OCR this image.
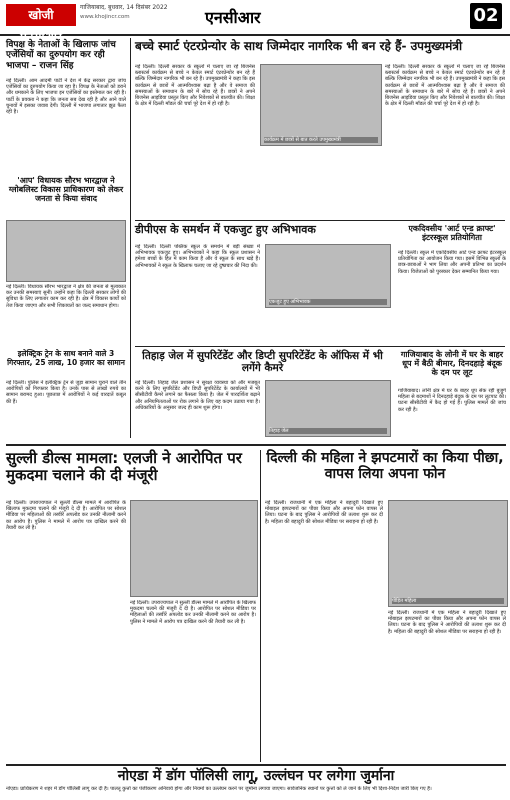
खोजी एनसीआर
गाजियाबाद, बुधवार, 14 दिसंबर 2022
www.khojincr.com	एनसीआर	02
विपक्ष के नेताओं के खिलाफ जांच एजेंसियों का दुरुपयोग कर रही भाजपा – राजन सिंह
नई दिल्ली। आम आदमी पार्टी ने देश में केंद्र सरकार द्वारा जांच एजेंसियों का दुरुपयोग किया जा रहा है। विपक्ष के नेताओं को डराने और धमकाने के लिए भाजपा इन एजेंसियों का इस्तेमाल कर रही है। पार्टी के प्रवक्ता ने कहा कि जनता सब देख रही है और आने वाले चुनावों में इसका जवाब देगी। दिल्ली में भाजपा लगातार झूठ फैला रही है।
'आप' विधायक सौरभ भारद्वाज ने ग्लोबलिस्ट विकास प्राधिकारण को लेकर जनता से किया संवाद
नई दिल्ली। विधायक सौरभ भारद्वाज ने क्षेत्र की जनता से मुलाकात कर उनकी समस्याएं सुनीं। उन्होंने कहा कि दिल्ली सरकार लोगों की सुविधा के लिए लगातार काम कर रही है। क्षेत्र में विकास कार्यों को तेज किया जाएगा और सभी शिकायतों का जल्द समाधान होगा।
इलेक्ट्रिक ट्रेन के साथ बनाने वाले 3 गिरफ्तार, 25 लाख, 10 हजार का सामान
नई दिल्ली। पुलिस ने इलेक्ट्रिक ट्रेन से जुड़ा सामान चुराने वाले तीन आरोपियों को गिरफ्तार किया है। उनके पास से लाखों रुपये का सामान बरामद हुआ। पूछताछ में आरोपियों ने कई वारदातें कबूल की हैं।
बच्चे स्मार्ट एंटरप्रेन्योर के साथ जिम्मेदार नागरिक भी बन रहे हैं- उपमुख्यमंत्री
नई दिल्ली। दिल्ली सरकार के स्कूलों में चलाए जा रहे बिजनेस ब्लास्टर्स कार्यक्रम से बच्चे न केवल स्मार्ट एंटरप्रेन्योर बन रहे हैं बल्कि जिम्मेदार नागरिक भी बन रहे हैं। उपमुख्यमंत्री ने कहा कि इस कार्यक्रम से छात्रों में आत्मविश्वास बढ़ा है और वे समाज की समस्याओं के समाधान के बारे में सोच रहे हैं। छात्रों ने अपने बिजनेस आइडिया प्रस्तुत किए और निवेशकों से बातचीत की। शिक्षा के क्षेत्र में दिल्ली मॉडल की चर्चा पूरे देश में हो रही है।
कार्यक्रम में छात्रों से बात करते उपमुख्यमंत्री
नई दिल्ली। दिल्ली सरकार के स्कूलों में चलाए जा रहे बिजनेस ब्लास्टर्स कार्यक्रम से बच्चे न केवल स्मार्ट एंटरप्रेन्योर बन रहे हैं बल्कि जिम्मेदार नागरिक भी बन रहे हैं। उपमुख्यमंत्री ने कहा कि इस कार्यक्रम से छात्रों में आत्मविश्वास बढ़ा है और वे समाज की समस्याओं के समाधान के बारे में सोच रहे हैं। छात्रों ने अपने बिजनेस आइडिया प्रस्तुत किए और निवेशकों से बातचीत की। शिक्षा के क्षेत्र में दिल्ली मॉडल की चर्चा पूरे देश में हो रही है।
डीपीएस के समर्थन में एकजुट हुए अभिभावक
नई दिल्ली। दिल्ली पब्लिक स्कूल के समर्थन में बड़ी संख्या में अभिभावक एकजुट हुए। अभिभावकों ने कहा कि स्कूल प्रशासन ने हमेशा बच्चों के हित में काम किया है और वे स्कूल के साथ खड़े हैं। अभिभावकों ने स्कूल के खिलाफ चलाए जा रहे दुष्प्रचार की निंदा की।
एकजुट हुए अभिभावक
एकदिवसीय 'आर्ट एन्ड क्राफ्ट' इंटरस्कूल प्रतियोगिता
नई दिल्ली। स्कूल में एकदिवसीय आर्ट एन्ड क्राफ्ट इंटरस्कूल प्रतियोगिता का आयोजन किया गया। इसमें विभिन्न स्कूलों के छात्र-छात्राओं ने भाग लिया और अपनी प्रतिभा का प्रदर्शन किया। विजेताओं को पुरस्कार देकर सम्मानित किया गया।
तिहाड़ जेल में सुपरिटेंडेंट और डिप्टी सुपरिटेंडेंट के ऑफिस में भी लगेंगे कैमरे
नई दिल्ली। तिहाड़ जेल प्रशासन ने सुरक्षा व्यवस्था को और मजबूत करने के लिए सुपरिटेंडेंट और डिप्टी सुपरिटेंडेंट के कार्यालयों में भी सीसीटीवी कैमरे लगाने का फैसला किया है। जेल में पारदर्शिता बढ़ाने और अनियमितताओं पर रोक लगाने के लिए यह कदम उठाया गया है। अधिकारियों के अनुसार जल्द ही काम शुरू होगा।
तिहाड़ जेल
गाजियाबाद के लोनी में घर के बाहर धूप में बैठी बीमार, दिनदहाड़े बंदूक के दम पर लूट
गाजियाबाद। लोनी क्षेत्र में घर के बाहर धूप सेंक रही बुजुर्ग महिला से बदमाशों ने दिनदहाड़े बंदूक के दम पर लूटपाट की। घटना सीसीटीवी में कैद हो गई है। पुलिस मामले की जांच कर रही है।
सुल्ली डील्स मामला: एलजी ने आरोपित पर मुकदमा चलाने की दी मंजूरी
नई दिल्ली। उपराज्यपाल ने सुल्ली डील्स मामले में आरोपित के खिलाफ मुकदमा चलाने की मंजूरी दे दी है। आरोपित पर सोशल मीडिया पर महिलाओं की तस्वीरें अपलोड कर उनकी नीलामी करने का आरोप है। पुलिस ने मामले में आरोप पत्र दाखिल करने की तैयारी कर ली है।
नई दिल्ली। उपराज्यपाल ने सुल्ली डील्स मामले में आरोपित के खिलाफ मुकदमा चलाने की मंजूरी दे दी है। आरोपित पर सोशल मीडिया पर महिलाओं की तस्वीरें अपलोड कर उनकी नीलामी करने का आरोप है। पुलिस ने मामले में आरोप पत्र दाखिल करने की तैयारी कर ली है।
दिल्ली की महिला ने झपटमारों का किया पीछा, वापस लिया अपना फोन
नई दिल्ली। राजधानी में एक महिला ने बहादुरी दिखाते हुए मोबाइल झपटमारों का पीछा किया और अपना फोन वापस ले लिया। घटना के बाद पुलिस ने आरोपियों की तलाश शुरू कर दी है। महिला की बहादुरी की सोशल मीडिया पर सराहना हो रही है।
पीड़ित महिला
नई दिल्ली। राजधानी में एक महिला ने बहादुरी दिखाते हुए मोबाइल झपटमारों का पीछा किया और अपना फोन वापस ले लिया। घटना के बाद पुलिस ने आरोपियों की तलाश शुरू कर दी है। महिला की बहादुरी की सोशल मीडिया पर सराहना हो रही है।
नोएडा में डॉग पॉलिसी लागू, उल्लंघन पर लगेगा जुर्माना
नोएडा। प्राधिकरण ने शहर में डॉग पॉलिसी लागू कर दी है। पालतू कुत्तों का पंजीकरण अनिवार्य होगा और नियमों का उल्लंघन करने पर जुर्माना लगाया जाएगा। सार्वजनिक स्थानों पर कुत्तों को ले जाने के लिए भी दिशा-निर्देश जारी किए गए हैं।
